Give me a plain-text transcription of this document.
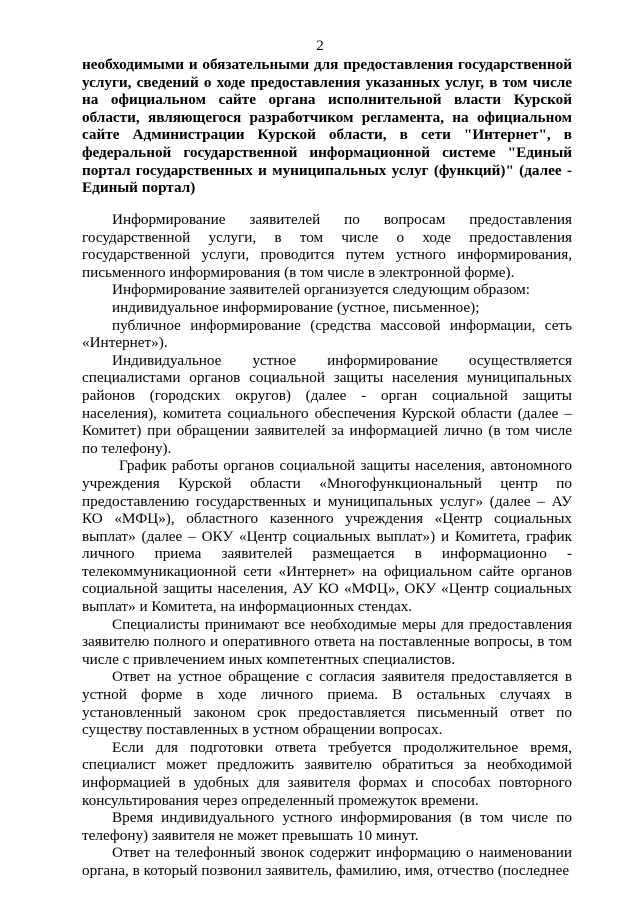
2

необходимыми и обязательными для предоставления государственной услуги, сведений о ходе предоставления указанных услуг, в том числе на официальном сайте органа исполнительной власти Курской области, являющегося разработчиком регламента, на официальном сайте Администрации Курской области, в сети "Интернет", в федеральной государственной информационной системе "Единый портал государственных и муниципальных услуг (функций)" (далее - Единый портал)

Информирование заявителей по вопросам предоставления государственной услуги, в том числе о ходе предоставления государственной услуги, проводится путем устного информирования, письменного информирования (в том числе в электронной форме).

Информирование заявителей организуется следующим образом:

индивидуальное информирование (устное, письменное);

публичное информирование (средства массовой информации, сеть «Интернет»).

Индивидуальное устное информирование осуществляется специалистами органов социальной защиты населения муниципальных районов (городских округов) (далее - орган социальной защиты населения), комитета социального обеспечения Курской области (далее – Комитет) при обращении заявителей за информацией лично (в том числе по телефону).

График работы органов социальной защиты населения, автономного учреждения Курской области «Многофункциональный центр по предоставлению государственных и муниципальных услуг» (далее – АУ КО «МФЦ»), областного казенного учреждения «Центр социальных выплат» (далее – ОКУ «Центр социальных выплат») и Комитета, график личного приема заявителей размещается в информационно - телекоммуникационной сети «Интернет» на официальном сайте органов социальной защиты населения, АУ КО «МФЦ», ОКУ «Центр социальных выплат» и Комитета, на информационных стендах.

Специалисты принимают все необходимые меры для предоставления заявителю полного и оперативного ответа на поставленные вопросы, в том числе с привлечением иных компетентных специалистов.

Ответ на устное обращение с согласия заявителя предоставляется в устной форме в ходе личного приема. В остальных случаях в установленный законом срок предоставляется письменный ответ по существу поставленных в устном обращении вопросах.

Если для подготовки ответа требуется продолжительное время, специалист может предложить заявителю обратиться за необходимой информацией в удобных для заявителя формах и способах повторного консультирования через определенный промежуток времени.

Время индивидуального устного информирования (в том числе по телефону) заявителя не может превышать 10 минут.

Ответ на телефонный звонок содержит информацию о наименовании органа, в который позвонил заявитель, фамилию, имя, отчество (последнее
